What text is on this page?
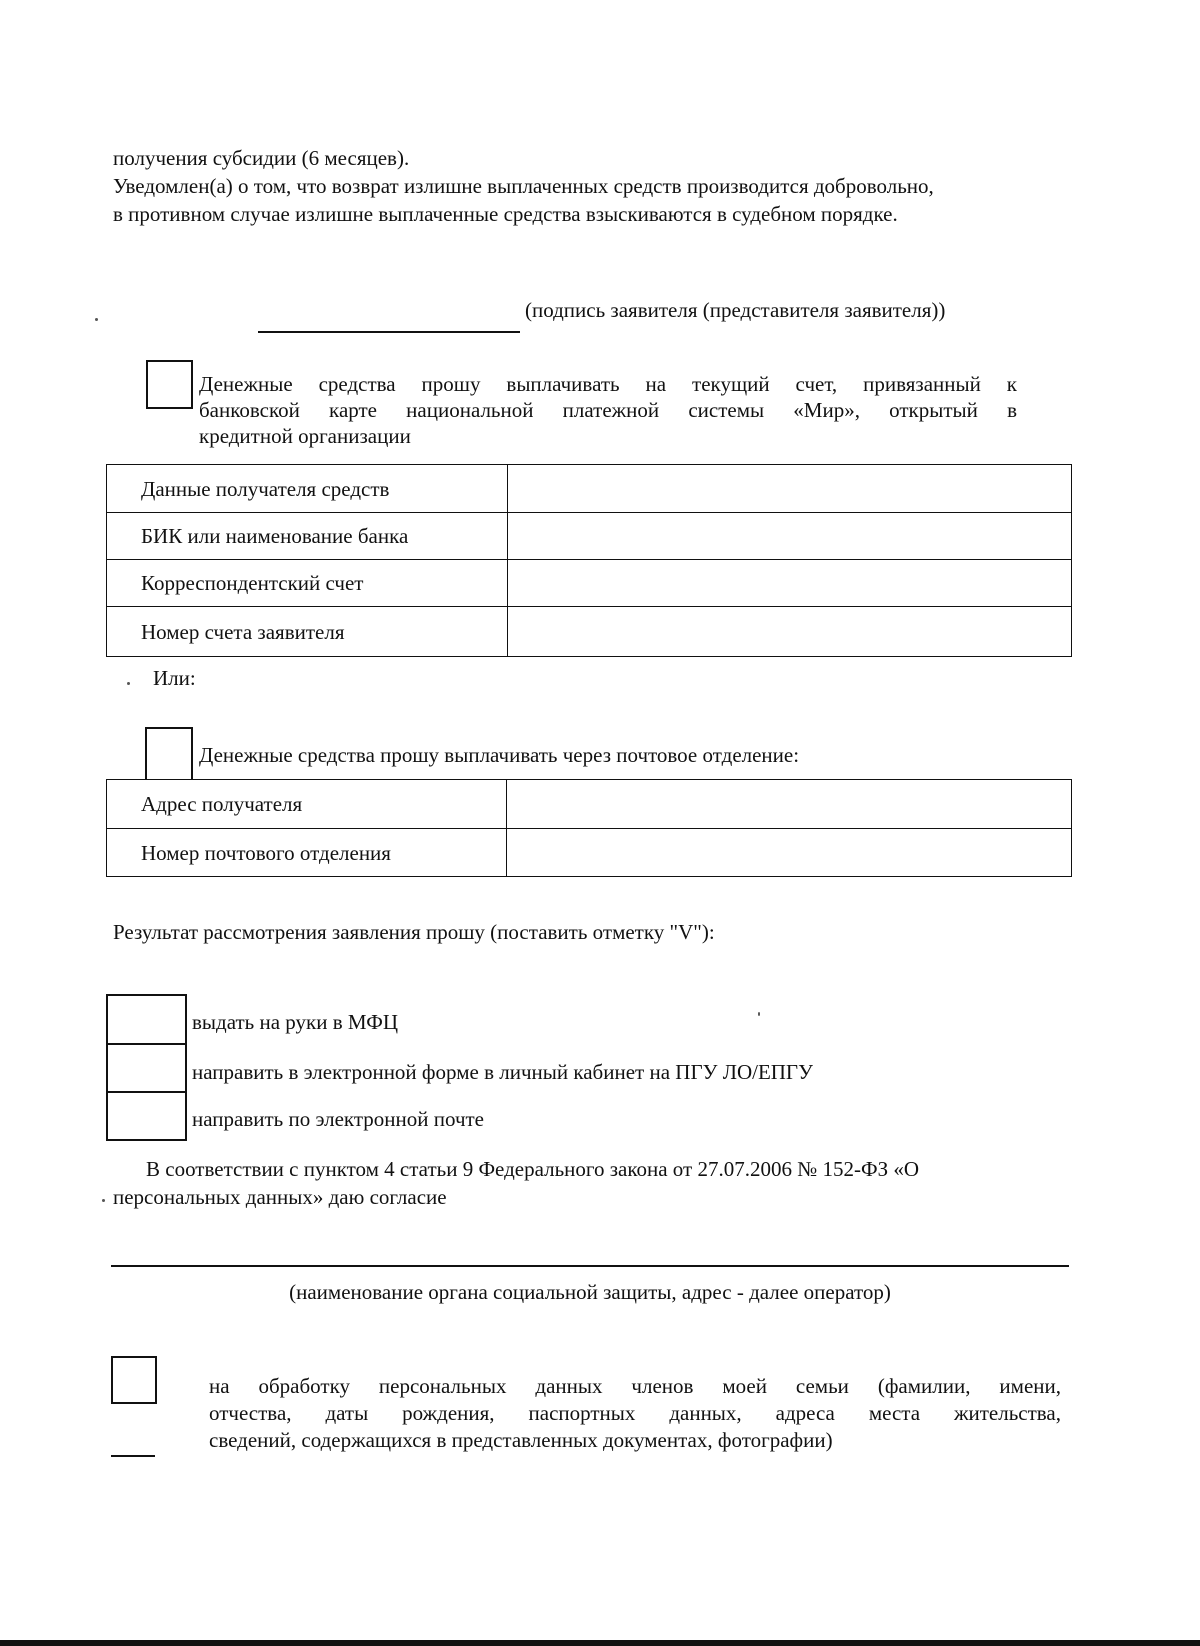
получения субсидии (6 месяцев).
Уведомлен(а) о том, что возврат излишне выплаченных средств производится добровольно,
в противном случае излишне выплаченные средства взыскиваются в судебном порядке.
(подпись заявителя (представителя заявителя))
Денежные средства прошу выплачивать на текущий счет, привязанный к
банковской карте национальной платежной системы «Мир», открытый в
кредитной организации
Данные получателя средств	
БИК или наименование банка	
Корреспондентский счет	
Номер счета заявителя	
Или:
Денежные средства прошу выплачивать через почтовое отделение:
Адрес получателя	
Номер почтового отделения	
Результат рассмотрения заявления прошу (поставить отметку "V"):
выдать на руки в МФЦ
направить в электронной форме в личный кабинет на ПГУ ЛО/ЕПГУ
направить по электронной почте
В соответствии с пунктом 4 статьи 9 Федерального закона от 27.07.2006 № 152-ФЗ «О
персональных данных» даю согласие
(наименование органа социальной защиты, адрес - далее оператор)
на обработку персональных данных членов моей семьи (фамилии, имени,
отчества, даты рождения, паспортных данных, адреса места жительства,
сведений, содержащихся в представленных документах, фотографии)
